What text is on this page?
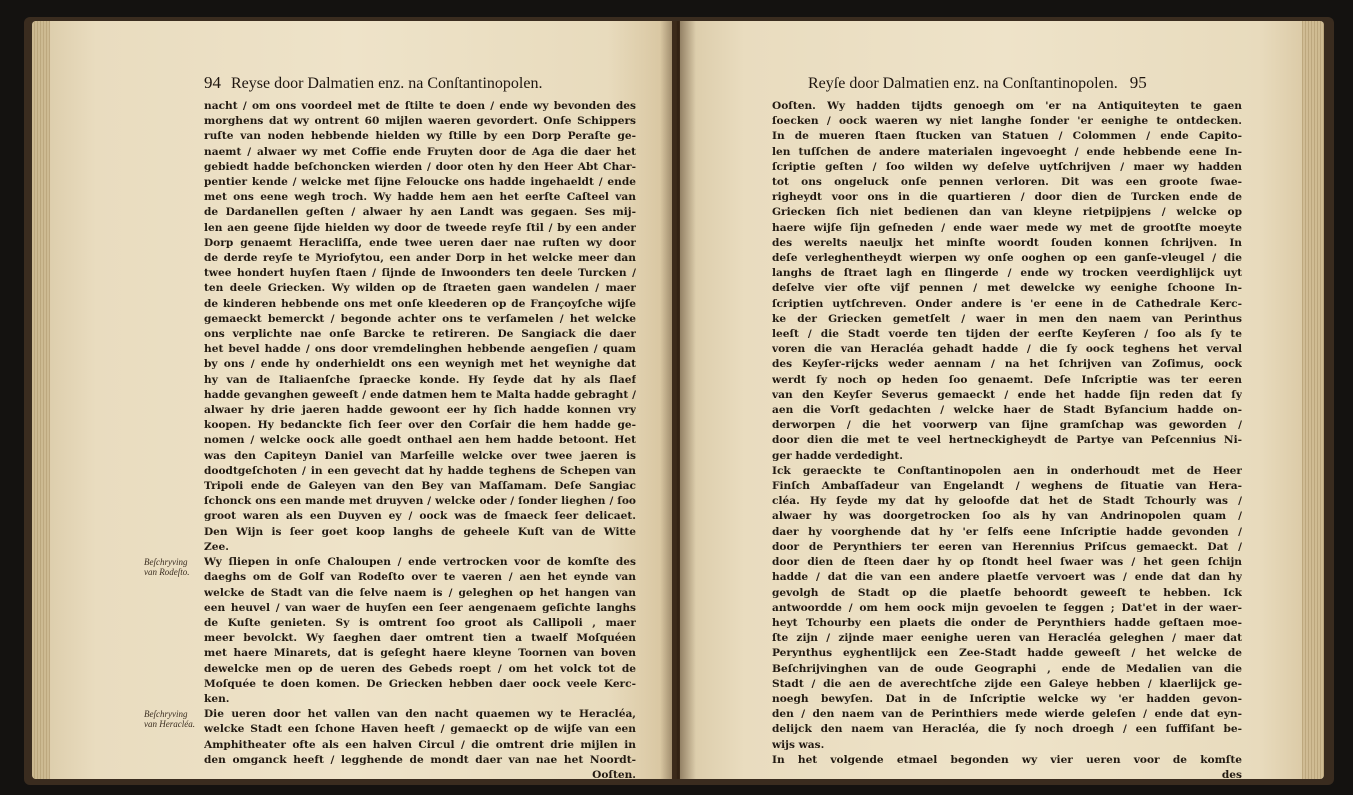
94 Reyse door Dalmatien enz. na Conſtantinopolen.
nacht / om ons voordeel met de ſtilte te doen / ende wy bevonden des
morghens dat wy ontrent 60 mijlen waeren gevordert. Onſe Schippers
ruſte van noden hebbende hielden wy ſtille by een Dorp Peraſte ge-
naemt / alwaer wy met Coffie ende Fruyten door de Aga die daer het
gebiedt hadde beſchoncken wierden / door oten hy den Heer Abt Char-
pentier kende / welcke met ſijne Feloucke ons hadde ingehaeldt / ende
met ons eene wegh troch. Wy hadde hem aen het eerſte Caſteel van
de Dardanellen geſten / alwaer hy aen Landt was gegaen. Ses mij-
len aen geene ſijde hielden wy door de tweede reyſe ſtil / by een ander
Dorp genaemt Heracliſſa, ende twee ueren daer nae ruſten wy door
de derde reyſe te Myriofytou, een ander Dorp in het welcke meer dan
twee hondert huyſen ſtaen / ſijnde de Inwoonders ten deele Turcken /
ten deele Griecken. Wy wilden op de ſtraeten gaen wandelen / maer
de kinderen hebbende ons met onſe kleederen op de Françoyſche wijſe
gemaeckt bemerckt / begonde achter ons te verſamelen / het welcke
ons verplichte nae onſe Barcke te retireren. De Sangiack die daer
het bevel hadde / ons door vremdelinghen hebbende aengeſien / quam
by ons / ende hy onderhieldt ons een weynigh met het weynighe dat
hy van de Italiaenſche ſpraecke konde. Hy ſeyde dat hy als ſlaef
hadde gevanghen geweeſt / ende datmen hem te Malta hadde gebraght /
alwaer hy drie jaeren hadde gewoont eer hy ſich hadde konnen vry
koopen. Hy bedanckte ſich ſeer over den Corſair die hem hadde ge-
nomen / welcke oock alle goedt onthael aen hem hadde betoont. Het
was den Capiteyn Daniel van Marſeille welcke over twee jaeren is
doodtgeſchoten / in een gevecht dat hy hadde teghens de Schepen van
Tripoli ende de Galeyen van den Bey van Maſſamam. Deſe Sangiac
ſchonck ons een mande met druyven / welcke oder / ſonder lieghen / ſoo
groot waren als een Duyven ey / oock was de ſmaeck ſeer delicaet.
Den Wijn is ſeer goet koop langhs de geheele Kuſt van de Witte
Zee.
Wy ſliepen in onſe Chaloupen / ende vertrocken voor de komſte des
daeghs om de Golf van Rodeſto over te vaeren / aen het eynde van
welcke de Stadt van die ſelve naem is / geleghen op het hangen van
een heuvel / van waer de huyſen een ſeer aengenaem geſichte langhs
de Kuſte genieten. Sy is omtrent ſoo groot als Callipoli , maer
meer bevolckt. Wy ſaeghen daer omtrent tien a twaelf Moſquéen
met haere Minarets, dat is geſeght haere kleyne Toornen van boven
dewelcke men op de ueren des Gebeds roept / om het volck tot de
Moſquée te doen komen. De Griecken hebben daer oock veele Kerc-
ken.
Die ueren door het vallen van den nacht quaemen wy te Heracléa,
welcke Stadt een ſchone Haven heeft / gemaeckt op de wijſe van een
Amphitheater ofte als een halven Circul / die omtrent drie mijlen in
den omganck heeft / legghende de mondt daer van nae het Noordt-
Ooſten.
Beſchryving van Rodeſto.
Beſchryving van Heracléa.
Reyſe door Dalmatien enz. na Conſtantinopolen. 95
Ooſten. Wy hadden tijdts genoegh om 'er na Antiquiteyten te gaen
ſoecken / oock waeren wy niet langhe ſonder 'er eenighe te ontdecken.
In de mueren ſtaen ſtucken van Statuen / Colommen / ende Capito-
len tuſſchen de andere materialen ingevoeght / ende hebbende eene In-
ſcriptie geſten / ſoo wilden wy deſelve uytſchrijven / maer wy hadden
tot ons ongeluck onſe pennen verloren. Dit was een groote ſwae-
righeydt voor ons in die quartieren / door dien de Turcken ende de
Griecken ſich niet bedienen dan van kleyne rietpijpjens / welcke op
haere wijſe ſijn geſneden / ende waer mede wy met de grootſte moeyte
des werelts naeuljx het minſte woordt ſouden konnen ſchrijven. In
deſe verleghentheydt wierpen wy onſe ooghen op een ganſe-vleugel / die
langhs de ſtraet lagh en ſlingerde / ende wy trocken veerdighlijck uyt
deſelve vier ofte vijf pennen / met dewelcke wy eenighe ſchoone In-
ſcriptien uytſchreven. Onder andere is 'er eene in de Cathedrale Kerc-
ke der Griecken gemetſelt / waer in men den naem van Perinthus
leeſt / die Stadt voerde ten tijden der eerſte Keyſeren / ſoo als ſy te
voren die van Heracléa gehadt hadde / die ſy oock teghens het verval
des Keyſer-rijcks weder aennam / na het ſchrijven van Zoſimus, oock
werdt ſy noch op heden ſoo genaemt. Deſe Inſcriptie was ter eeren
van den Keyſer Severus gemaeckt / ende het hadde ſijn reden dat ſy
aen die Vorſt gedachten / welcke haer de Stadt Byſancium hadde on-
derworpen / die het voorwerp van ſijne gramſchap was geworden /
door dien die met te veel hertneckigheydt de Partye van Peſcennius Ni-
ger hadde verdedight.
Ick geraeckte te Conſtantinopolen aen in onderhoudt met de Heer
Finſch Ambaſſadeur van Engelandt / weghens de ſituatie van Hera-
cléa. Hy ſeyde my dat hy geloofde dat het de Stadt Tchourly was /
alwaer hy was doorgetrocken ſoo als hy van Andrinopolen quam /
daer hy voorghende dat hy 'er ſelfs eene Inſcriptie hadde gevonden /
door de Perynthiers ter eeren van Herennius Priſcus gemaeckt. Dat /
door dien de ſteen daer hy op ſtondt heel ſwaer was / het geen ſchijn
hadde / dat die van een andere plaetſe vervoert was / ende dat dan hy
gevolgh de Stadt op die plaetſe behoordt geweeſt te hebben. Ick
antwoordde / om hem oock mijn gevoelen te ſeggen ; Dat'et in der waer-
heyt Tchourby een plaets die onder de Perynthiers hadde geſtaen moe-
ſte zijn / zijnde maer eenighe ueren van Heracléa geleghen / maer dat
Perynthus eyghentlijck een Zee-Stadt hadde geweeſt / het welcke de
Beſchrijvinghen van de oude Geographi , ende de Medalien van die
Stadt / die aen de averechtſche zijde een Galeye hebben / klaerlijck ge-
noegh bewyſen. Dat in de Inſcriptie welcke wy 'er hadden gevon-
den / den naem van de Perinthiers mede wierde geleſen / ende dat eyn-
delijck den naem van Heracléa, die ſy noch droegh / een ſuffiſant be-
wijs was.
In het volgende etmael begonden wy vier ueren voor de komſte
des
